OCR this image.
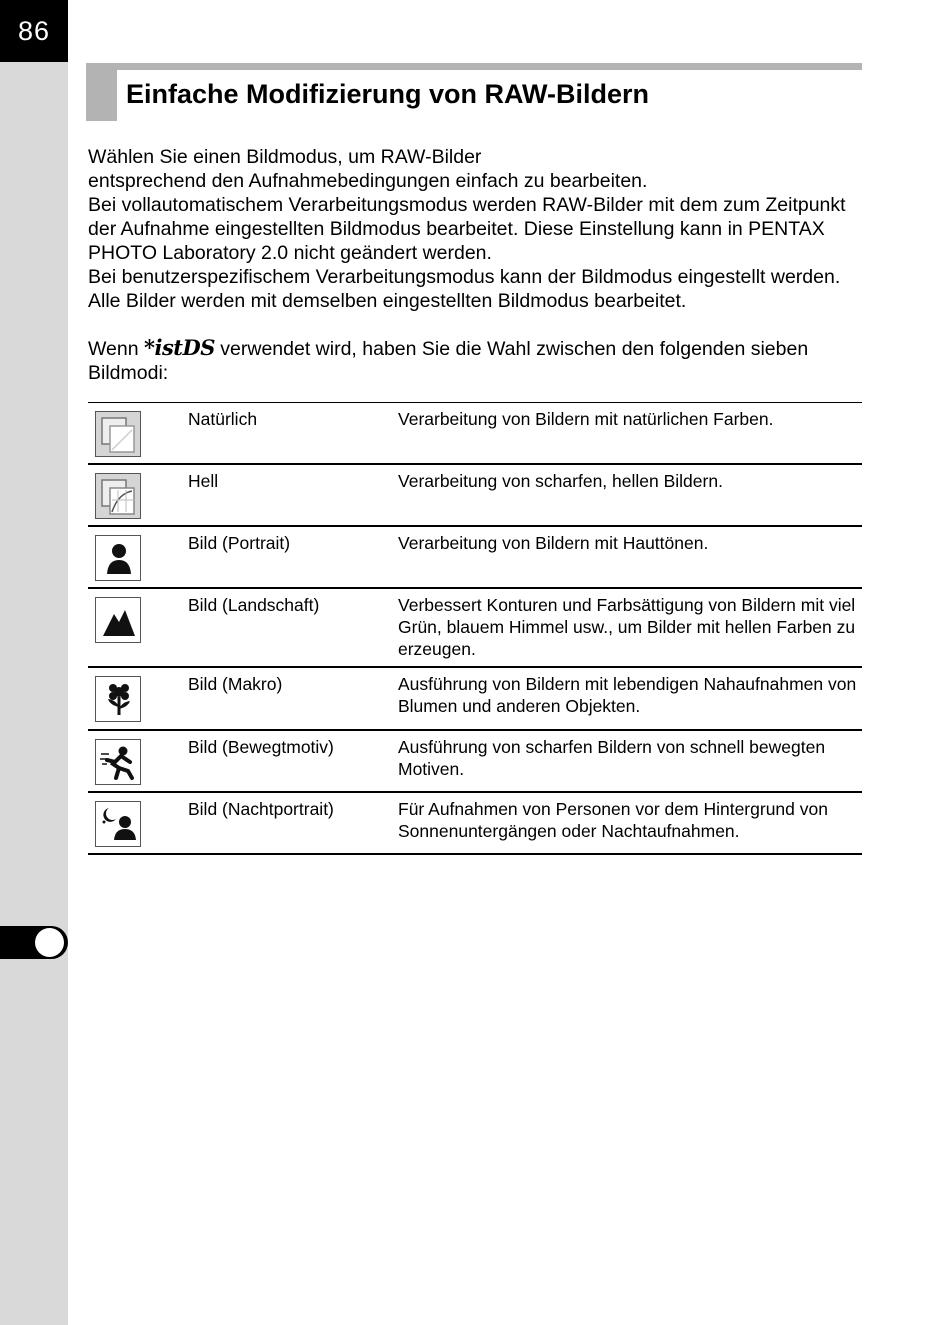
86
Einfache Modifizierung von RAW-Bildern

Wählen Sie einen Bildmodus, um RAW-Bilder

entsprechend den Aufnahmebedingungen einfach zu bearbeiten.

Bei vollautomatischem Verarbeitungsmodus werden RAW-Bilder mit dem zum Zeitpunkt der Aufnahme eingestellten Bildmodus bearbeitet. Diese Einstellung kann in PENTAX PHOTO Laboratory 2.0 nicht geändert werden.

Bei benutzerspezifischem Verarbeitungsmodus kann der Bildmodus eingestellt werden. Alle Bilder werden mit demselben eingestellten Bildmodus bearbeitet.

Wenn *istDS verwendet wird, haben Sie die Wahl zwischen den folgenden sieben Bildmodi:
Natürlich	Verarbeitung von Bildern mit natürlichen Farben.
Hell	Verarbeitung von scharfen, hellen Bildern.
Bild (Portrait)	Verarbeitung von Bildern mit Hauttönen.
Bild (Landschaft)	Verbessert Konturen und Farbsättigung von Bildern mit viel Grün, blauem Himmel usw., um Bilder mit hellen Farben zu erzeugen.
Bild (Makro)	Ausführung von Bildern mit lebendigen Nahaufnahmen von Blumen und anderen Objekten.
Bild (Bewegtmotiv)	Ausführung von scharfen Bildern von schnell bewegten Motiven.
Bild (Nachtportrait)	Für Aufnahmen von Personen vor dem Hintergrund von Sonnenuntergängen oder Nachtaufnahmen.
